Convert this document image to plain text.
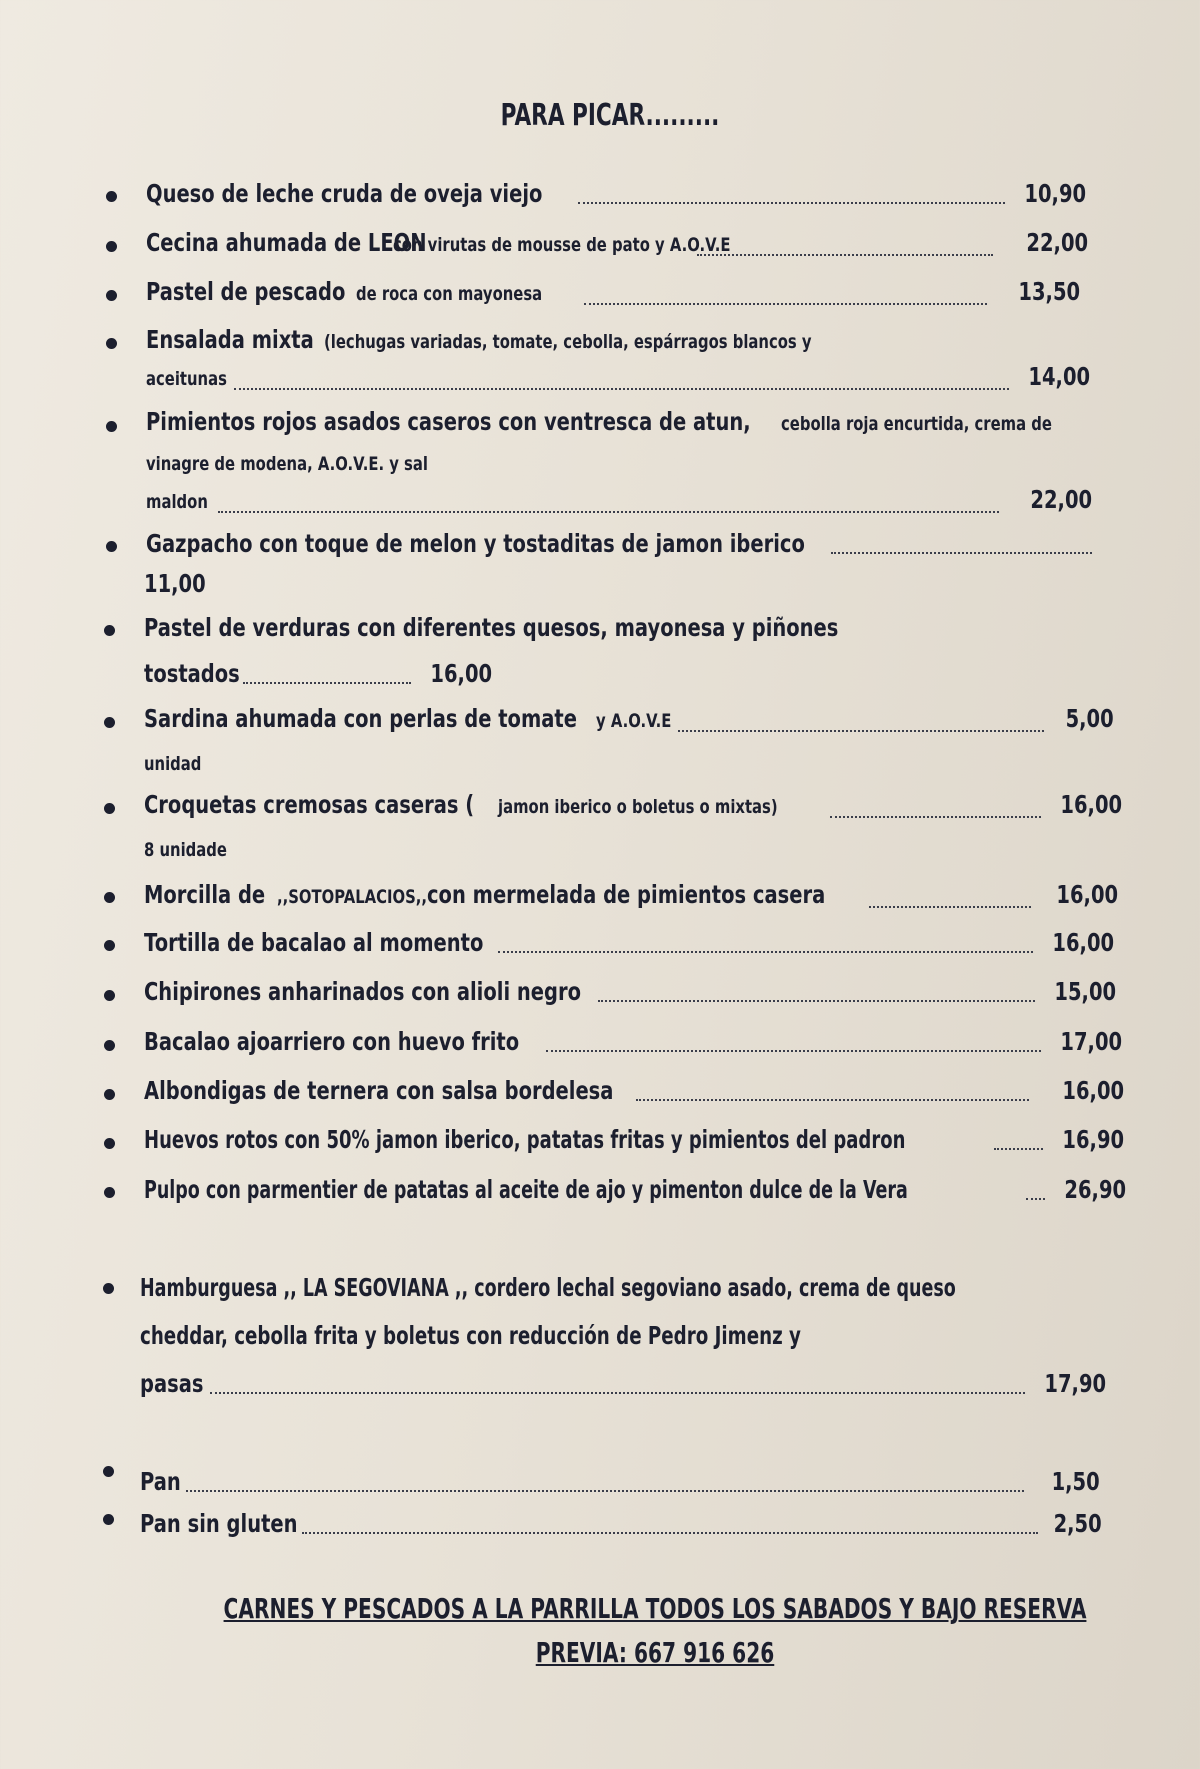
PARA PICAR.........
Queso de leche cruda de oveja viejo	10,90
Cecina ahumada de LEON
con virutas de mousse de pato y A.O.V.E	22,00
Pastel de pescado de roca con mayonesa	13,50
Ensalada mixta (lechugas variadas, tomate, cebolla, espárragos blancos y
aceitunas	14,00
Pimientos rojos asados caseros con ventresca de atun, cebolla roja encurtida, crema de
vinagre de modena, A.O.V.E. y sal
maldon	22,00
Gazpacho con toque de melon y tostaditas de jamon iberico
11,00
Pastel de verduras con diferentes quesos, mayonesa y piñones
tostados	16,00
Sardina ahumada con perlas de tomate y A.O.V.E	5,00
unidad
Croquetas cremosas caseras ( jamon iberico o boletus o mixtas)	16,00
8 unidade
Morcilla de ,,SOTOPALACIOS,, con mermelada de pimientos casera	16,00
Tortilla de bacalao al momento	16,00
Chipirones anharinados con alioli negro	15,00
Bacalao ajoarriero con huevo frito	17,00
Albondigas de ternera con salsa bordelesa	16,00
Huevos rotos con 50% jamon iberico, patatas fritas y pimientos del padron	16,90
Pulpo con parmentier de patatas al aceite de ajo y pimenton dulce de la Vera	26,90
Hamburguesa ,, LA SEGOVIANA ,, cordero lechal segoviano asado, crema de queso
cheddar, cebolla frita y boletus con reducción de Pedro Jimenz y
pasas	17,90
Pan	1,50
Pan sin gluten	2,50
CARNES Y PESCADOS A LA PARRILLA TODOS LOS SABADOS Y BAJO RESERVA
PREVIA: 667 916 626
